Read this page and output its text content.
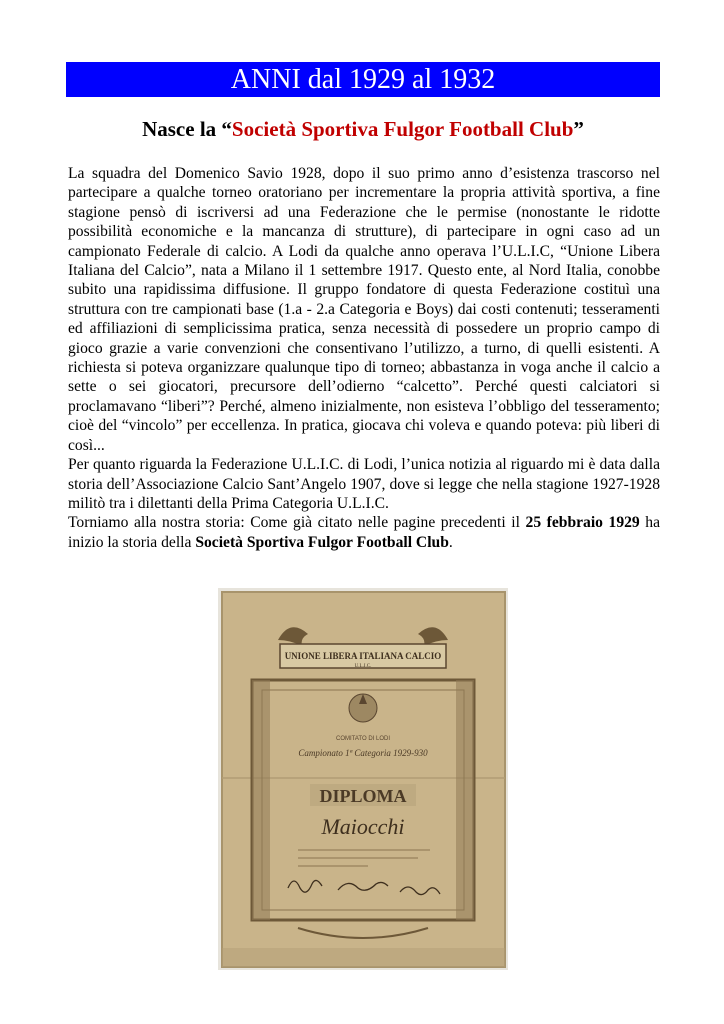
ANNI dal 1929 al 1932
Nasce la “Società Sportiva Fulgor Football Club”

La squadra del Domenico Savio 1928, dopo il suo primo anno d’esistenza trascorso nel partecipare a qualche torneo oratoriano per incrementare la propria attività sportiva, a fine stagione pensò di iscriversi ad una Federazione che le permise (nonostante le ridotte possibilità economiche e la mancanza di strutture), di partecipare in ogni caso ad un campionato Federale di calcio. A Lodi da qualche anno operava l’U.L.I.C, “Unione Libera Italiana del Calcio”, nata a Milano il 1 settembre 1917. Questo ente, al Nord Italia, conobbe subito una rapidissima diffusione. Il gruppo fondatore di questa Federazione costituì una struttura con tre campionati base (1.a - 2.a Categoria e Boys) dai costi contenuti; tesseramenti ed affiliazioni di semplicissima pratica, senza necessità di possedere un proprio campo di gioco grazie a varie convenzioni che consentivano l’utilizzo, a turno, di quelli esistenti. A richiesta si poteva organizzare qualunque tipo di torneo; abbastanza in voga anche il calcio a sette o sei giocatori, precursore dell’odierno “calcetto”. Perché questi calciatori si proclamavano “liberi”? Perché, almeno inizialmente, non esisteva l’obbligo del tesseramento; cioè del “vincolo” per eccellenza. In pratica, giocava chi voleva e quando poteva: più liberi di così...

Per quanto riguarda la Federazione U.L.I.C. di Lodi, l’unica notizia al riguardo mi è data dalla storia dell’Associazione Calcio Sant’Angelo 1907, dove si legge che nella stagione 1927-1928 militò tra i dilettanti della Prima Categoria U.L.I.C.

Torniamo alla nostra storia: Come già citato nelle pagine precedenti il 25 febbraio 1929 ha inizio la storia della Società Sportiva Fulgor Football Club.

UNIONE LIBERA ITALIANA CALCIO
U.L.I.C.
COMITATO DI LODI
Campionato 1ª Categoria 1929-930
DIPLOMA
Maiocchi
